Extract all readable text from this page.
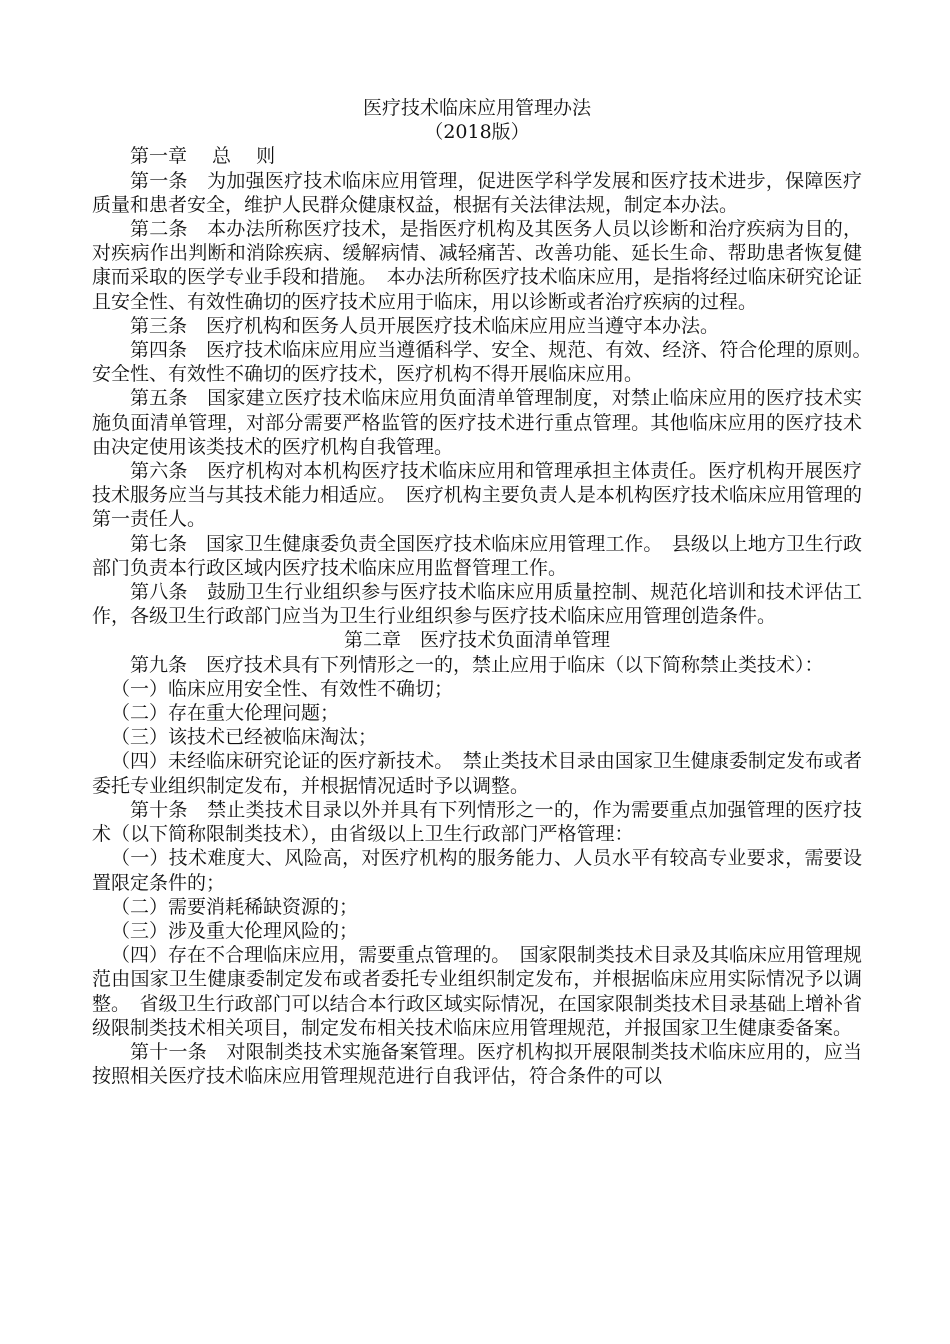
医疗技术临床应用管理办法
（2018版）
第一章　 总　 则

第一条　为加强医疗技术临床应用管理，促进医学科学发展和医疗技术进步，保障医疗质量和患者安全，维护人民群众健康权益，根据有关法律法规，制定本办法。

第二条　本办法所称医疗技术，是指医疗机构及其医务人员以诊断和治疗疾病为目的，对疾病作出判断和消除疾病、缓解病情、减轻痛苦、改善功能、延长生命、帮助患者恢复健康而采取的医学专业手段和措施。　本办法所称医疗技术临床应用，是指将经过临床研究论证且安全性、有效性确切的医疗技术应用于临床，用以诊断或者治疗疾病的过程。

第三条　医疗机构和医务人员开展医疗技术临床应用应当遵守本办法。

第四条　医疗技术临床应用应当遵循科学、安全、规范、有效、经济、符合伦理的原则。　安全性、有效性不确切的医疗技术，医疗机构不得开展临床应用。

第五条　国家建立医疗技术临床应用负面清单管理制度，对禁止临床应用的医疗技术实施负面清单管理，对部分需要严格监管的医疗技术进行重点管理。其他临床应用的医疗技术由决定使用该类技术的医疗机构自我管理。

第六条　医疗机构对本机构医疗技术临床应用和管理承担主体责任。医疗机构开展医疗技术服务应当与其技术能力相适应。　医疗机构主要负责人是本机构医疗技术临床应用管理的第一责任人。

第七条　国家卫生健康委负责全国医疗技术临床应用管理工作。　县级以上地方卫生行政部门负责本行政区域内医疗技术临床应用监督管理工作。

第八条　鼓励卫生行业组织参与医疗技术临床应用质量控制、规范化培训和技术评估工作，各级卫生行政部门应当为卫生行业组织参与医疗技术临床应用管理创造条件。

第二章　医疗技术负面清单管理

第九条　医疗技术具有下列情形之一的，禁止应用于临床（以下简称禁止类技术）：

（一）临床应用安全性、有效性不确切；

（二）存在重大伦理问题；

（三）该技术已经被临床淘汰；

（四）未经临床研究论证的医疗新技术。　禁止类技术目录由国家卫生健康委制定发布或者委托专业组织制定发布，并根据情况适时予以调整。

第十条　禁止类技术目录以外并具有下列情形之一的，作为需要重点加强管理的医疗技术（以下简称限制类技术），由省级以上卫生行政部门严格管理：

（一）技术难度大、风险高，对医疗机构的服务能力、人员水平有较高专业要求，需要设置限定条件的；

（二）需要消耗稀缺资源的；

（三）涉及重大伦理风险的；

（四）存在不合理临床应用，需要重点管理的。　国家限制类技术目录及其临床应用管理规范由国家卫生健康委制定发布或者委托专业组织制定发布，并根据临床应用实际情况予以调整。　省级卫生行政部门可以结合本行政区域实际情况，在国家限制类技术目录基础上增补省级限制类技术相关项目，制定发布相关技术临床应用管理规范，并报国家卫生健康委备案。

第十一条　对限制类技术实施备案管理。医疗机构拟开展限制类技术临床应用的，应当按照相关医疗技术临床应用管理规范进行自我评估，符合条件的可以
